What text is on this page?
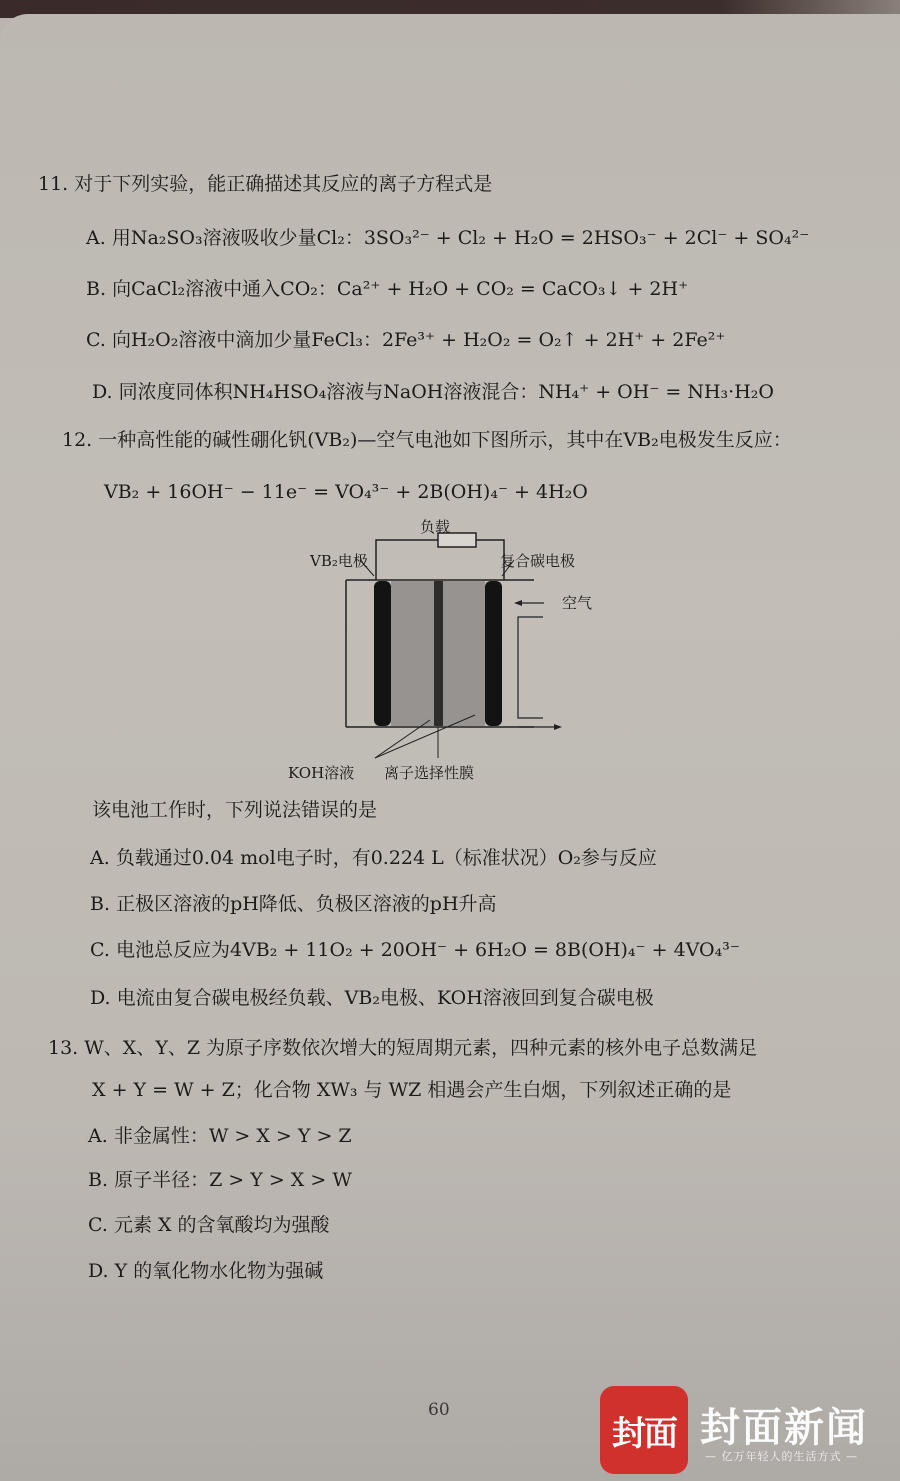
11. 对于下列实验，能正确描述其反应的离子方程式是
A. 用Na₂SO₃溶液吸收少量Cl₂：3SO₃²⁻ + Cl₂ + H₂O = 2HSO₃⁻ + 2Cl⁻ + SO₄²⁻
B. 向CaCl₂溶液中通入CO₂：Ca²⁺ + H₂O + CO₂ = CaCO₃↓ + 2H⁺
C. 向H₂O₂溶液中滴加少量FeCl₃：2Fe³⁺ + H₂O₂ = O₂↑ + 2H⁺ + 2Fe²⁺
D. 同浓度同体积NH₄HSO₄溶液与NaOH溶液混合：NH₄⁺ + OH⁻ = NH₃·H₂O
12. 一种高性能的碱性硼化钒(VB₂)—空气电池如下图所示，其中在VB₂电极发生反应：
VB₂ + 16OH⁻ − 11e⁻ = VO₄³⁻ + 2B(OH)₄⁻ + 4H₂O
负载
VB₂电极	复合碳电极
空气
KOH溶液 离子选择性膜
该电池工作时，下列说法错误的是
A. 负载通过0.04 mol电子时，有0.224 L（标准状况）O₂参与反应
B. 正极区溶液的pH降低、负极区溶液的pH升高
C. 电池总反应为4VB₂ + 11O₂ + 20OH⁻ + 6H₂O = 8B(OH)₄⁻ + 4VO₄³⁻
D. 电流由复合碳电极经负载、VB₂电极、KOH溶液回到复合碳电极
13. W、X、Y、Z 为原子序数依次增大的短周期元素，四种元素的核外电子总数满足
X + Y = W + Z；化合物 XW₃ 与 WZ 相遇会产生白烟，下列叙述正确的是
A. 非金属性：W > X > Y > Z
B. 原子半径：Z > Y > X > W
C. 元素 X 的含氧酸均为强酸
D. Y 的氧化物水化物为强碱
60
封面 封面新闻
— 亿万年轻人的生活方式 —
